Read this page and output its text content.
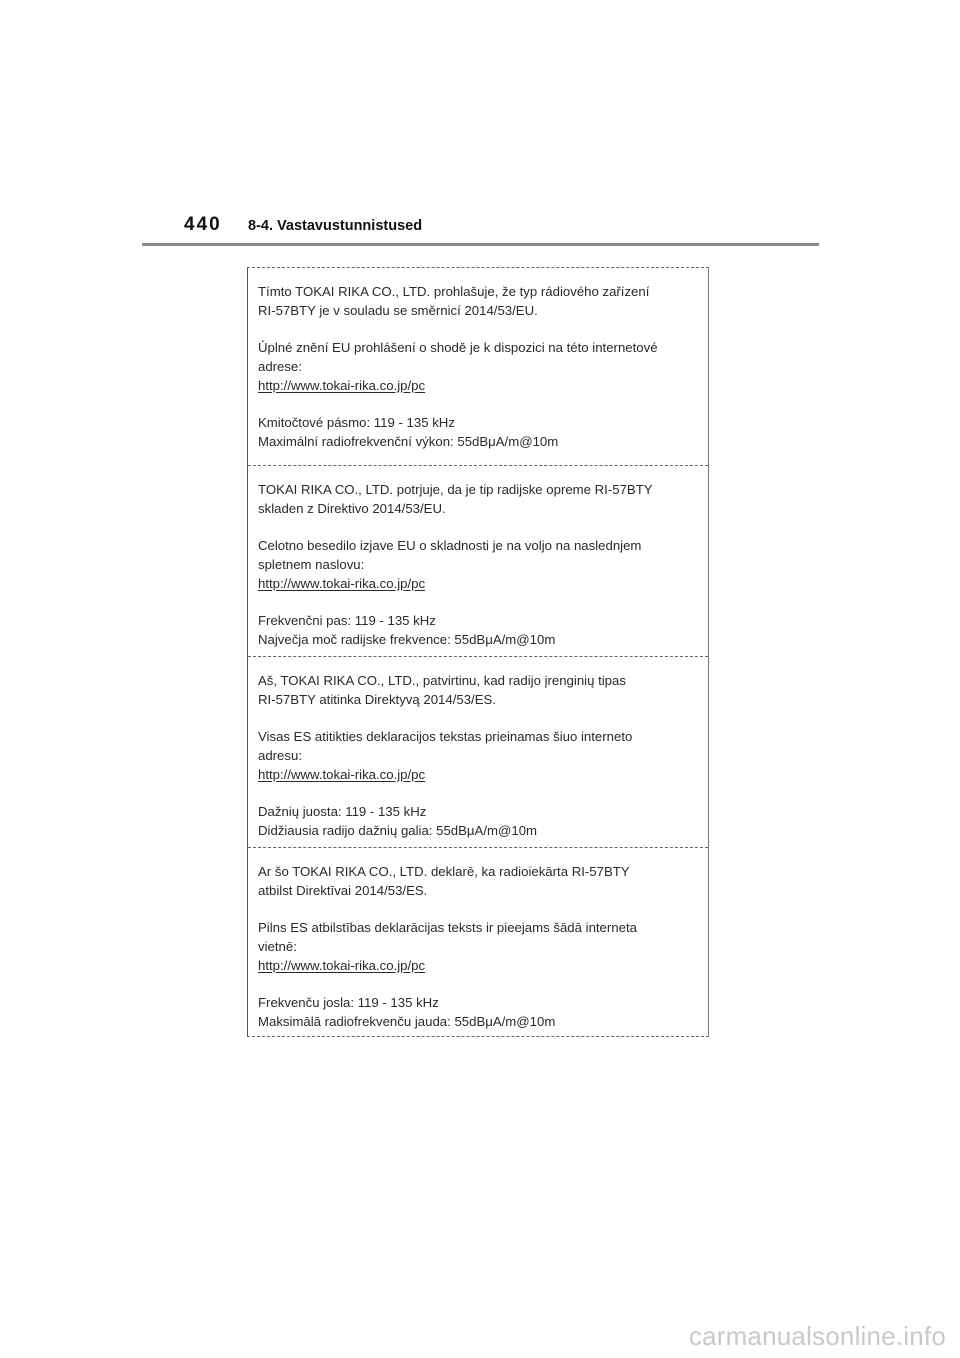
440 8-4. Vastavustunnistused

Tímto TOKAI RIKA CO., LTD. prohlašuje, že typ rádiového zařízení

RI-57BTY je v souladu se směrnicí 2014/53/EU.

Úplné znění EU prohlášení o shodě je k dispozici na této internetové

adrese:

http://www.tokai-rika.co.jp/pc

Kmitočtové pásmo: 119 - 135 kHz

Maximální radiofrekvenční výkon: 55dBμA/m@10m

TOKAI RIKA CO., LTD. potrjuje, da je tip radijske opreme RI-57BTY

skladen z Direktivo 2014/53/EU.

Celotno besedilo izjave EU o skladnosti je na voljo na naslednjem

spletnem naslovu:

http://www.tokai-rika.co.jp/pc

Frekvenčni pas: 119 - 135 kHz

Največja moč radijske frekvence: 55dBμA/m@10m

Aš, TOKAI RIKA CO., LTD., patvirtinu, kad radijo įrenginių tipas

RI-57BTY atitinka Direktyvą 2014/53/ES.

Visas ES atitikties deklaracijos tekstas prieinamas šiuo interneto

adresu:

http://www.tokai-rika.co.jp/pc

Dažnių juosta: 119 - 135 kHz

Didžiausia radijo dažnių galia: 55dBμA/m@10m

Ar šo TOKAI RIKA CO., LTD. deklarē, ka radioiekārta RI-57BTY

atbilst Direktīvai 2014/53/ES.

Pilns ES atbilstības deklarācijas teksts ir pieejams šādā interneta

vietnē:

http://www.tokai-rika.co.jp/pc

Frekvenču josla: 119 - 135 kHz

Maksimālā radiofrekvenču jauda: 55dBμA/m@10m

carmanualsonline.info
